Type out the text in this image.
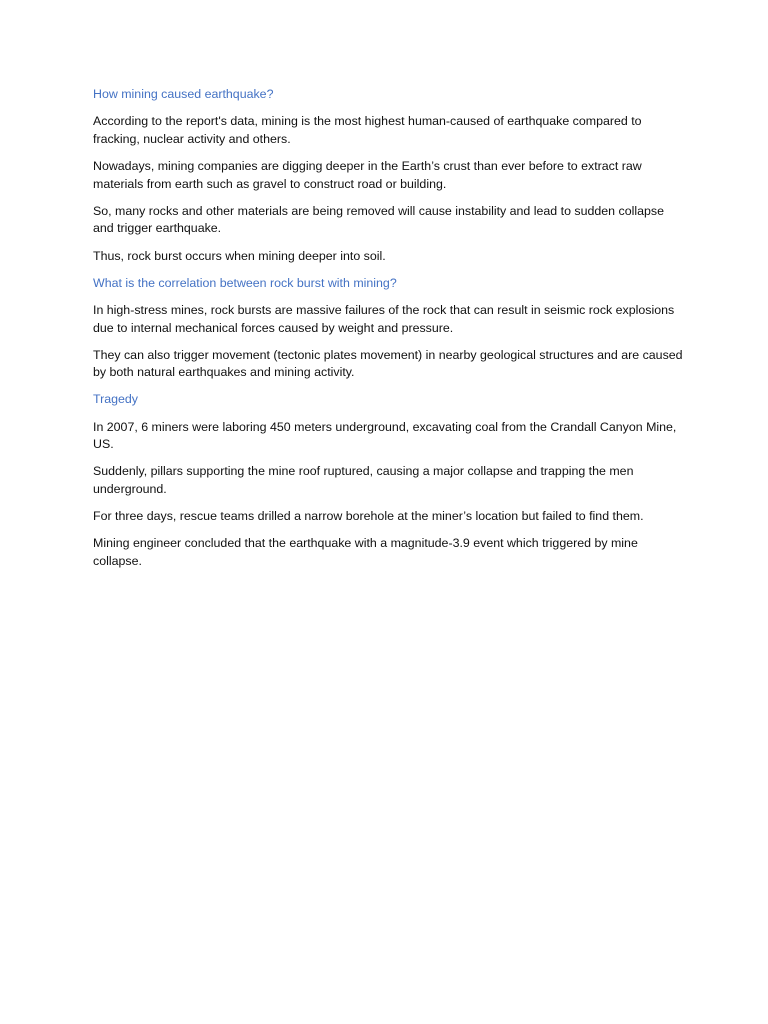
How mining caused earthquake?

According to the report's data, mining is the most highest human-caused of earthquake compared to fracking, nuclear activity and others.

Nowadays, mining companies are digging deeper in the Earth’s crust than ever before to extract raw materials from earth such as gravel to construct road or building.

So, many rocks and other materials are being removed will cause instability and lead to sudden collapse and trigger earthquake.

Thus, rock burst occurs when mining deeper into soil.

What is the correlation between rock burst with mining?

In high-stress mines, rock bursts are massive failures of the rock that can result in seismic rock explosions due to internal mechanical forces caused by weight and pressure.

They can also trigger movement (tectonic plates movement) in nearby geological structures and are caused by both natural earthquakes and mining activity.

Tragedy

In 2007, 6 miners were laboring 450 meters underground, excavating coal from the Crandall Canyon Mine, US.

Suddenly, pillars supporting the mine roof ruptured, causing a major collapse and trapping the men underground.

For three days, rescue teams drilled a narrow borehole at the miner’s location but failed to find them.

Mining engineer concluded that the earthquake with a magnitude-3.9 event which triggered by mine collapse.
